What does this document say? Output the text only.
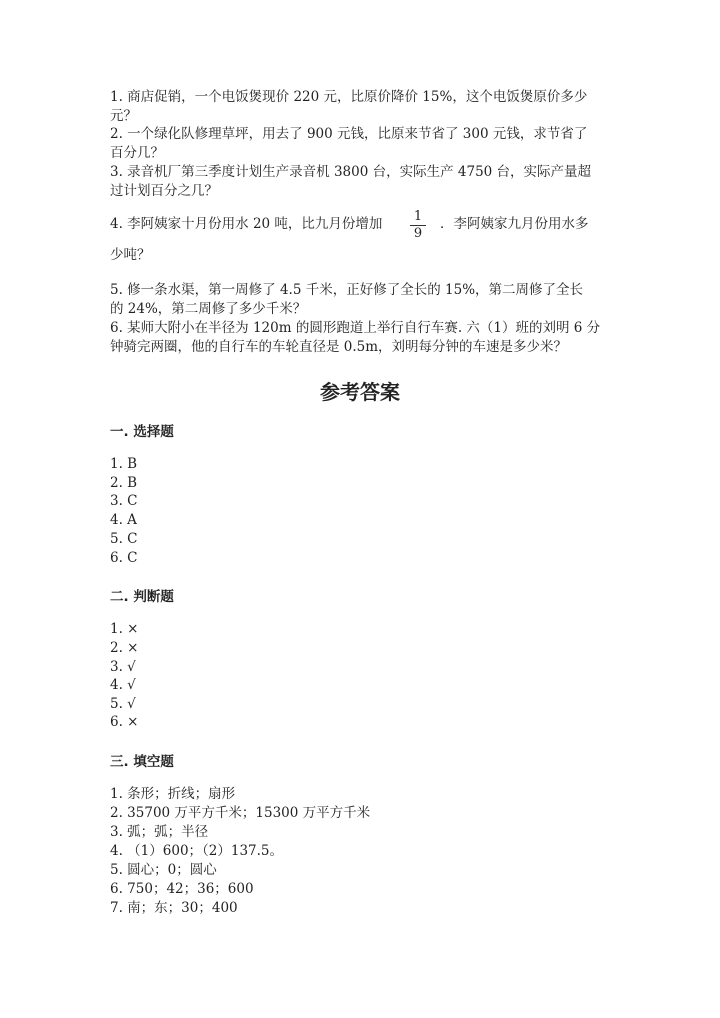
1. 商店促销，一个电饭煲现价 220 元，比原价降价 15%，这个电饭煲原价多少
元？
2. 一个绿化队修理草坪，用去了 900 元钱，比原来节省了 300 元钱，求节省了
百分几？
3. 录音机厂第三季度计划生产录音机 3800 台，实际生产 4750 台，实际产量超
过计划百分之几？
4. 李阿姨家十月份用水 20 吨，比九月份增加 1
9
．李阿姨家九月份用水多
少吨？
5. 修一条水渠，第一周修了 4.5 千米，正好修了全长的 15%，第二周修了全长
的 24%，第二周修了多少千米？
6. 某师大附小在半径为 120m 的圆形跑道上举行自行车赛. 六（1）班的刘明 6 分
钟骑完两圈，他的自行车的车轮直径是 0.5m，刘明每分钟的车速是多少米？
参考答案
一. 选择题
1. B
2. B
3. C
4. A
5. C
6. C
二. 判断题
1. ×
2. ×
3. √
4. √
5. √
6. ×
三. 填空题
1. 条形；折线；扇形
2. 35700 万平方千米；15300 万平方千米
3. 弧；弧；半径
4. （1）600；（2）137.5。
5. 圆心；0；圆心
6. 750；42；36；600
7. 南；东；30；400
